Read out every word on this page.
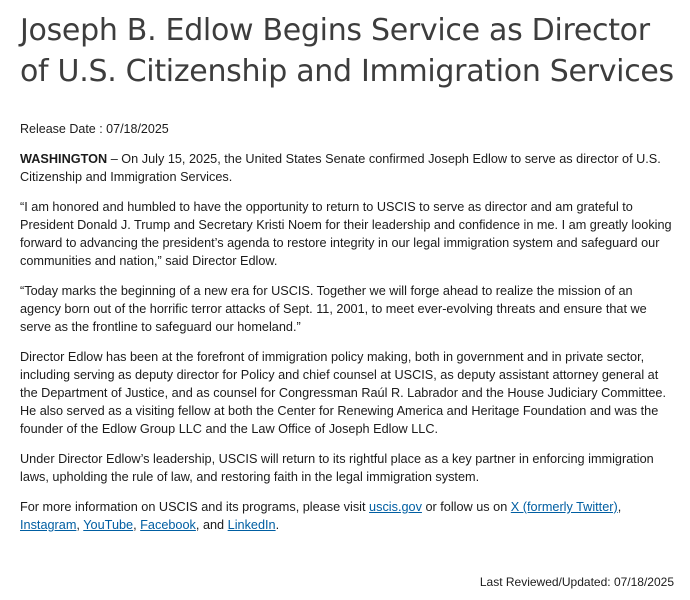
Joseph B. Edlow Begins Service as Director of U.S. Citizenship and Immigration Services

Release Date : 07/18/2025

WASHINGTON – On July 15, 2025, the United States Senate confirmed Joseph Edlow to serve as director of U.S. Citizenship and Immigration Services.

“I am honored and humbled to have the opportunity to return to USCIS to serve as director and am grateful to President Donald J. Trump and Secretary Kristi Noem for their leadership and confidence in me. I am greatly looking forward to advancing the president’s agenda to restore integrity in our legal immigration system and safeguard our communities and nation,” said Director Edlow.

“Today marks the beginning of a new era for USCIS. Together we will forge ahead to realize the mission of an agency born out of the horrific terror attacks of Sept. 11, 2001, to meet ever-evolving threats and ensure that we serve as the frontline to safeguard our homeland.”

Director Edlow has been at the forefront of immigration policy making, both in government and in private sector, including serving as deputy director for Policy and chief counsel at USCIS, as deputy assistant attorney general at the Department of Justice, and as counsel for Congressman Raúl R. Labrador and the House Judiciary Committee. He also served as a visiting fellow at both the Center for Renewing America and Heritage Foundation and was the founder of the Edlow Group LLC and the Law Office of Joseph Edlow LLC.

Under Director Edlow’s leadership, USCIS will return to its rightful place as a key partner in enforcing immigration laws, upholding the rule of law, and restoring faith in the legal immigration system.

For more information on USCIS and its programs, please visit uscis.gov or follow us on X (formerly Twitter), Instagram, YouTube, Facebook, and LinkedIn.

Last Reviewed/Updated: 07/18/2025
